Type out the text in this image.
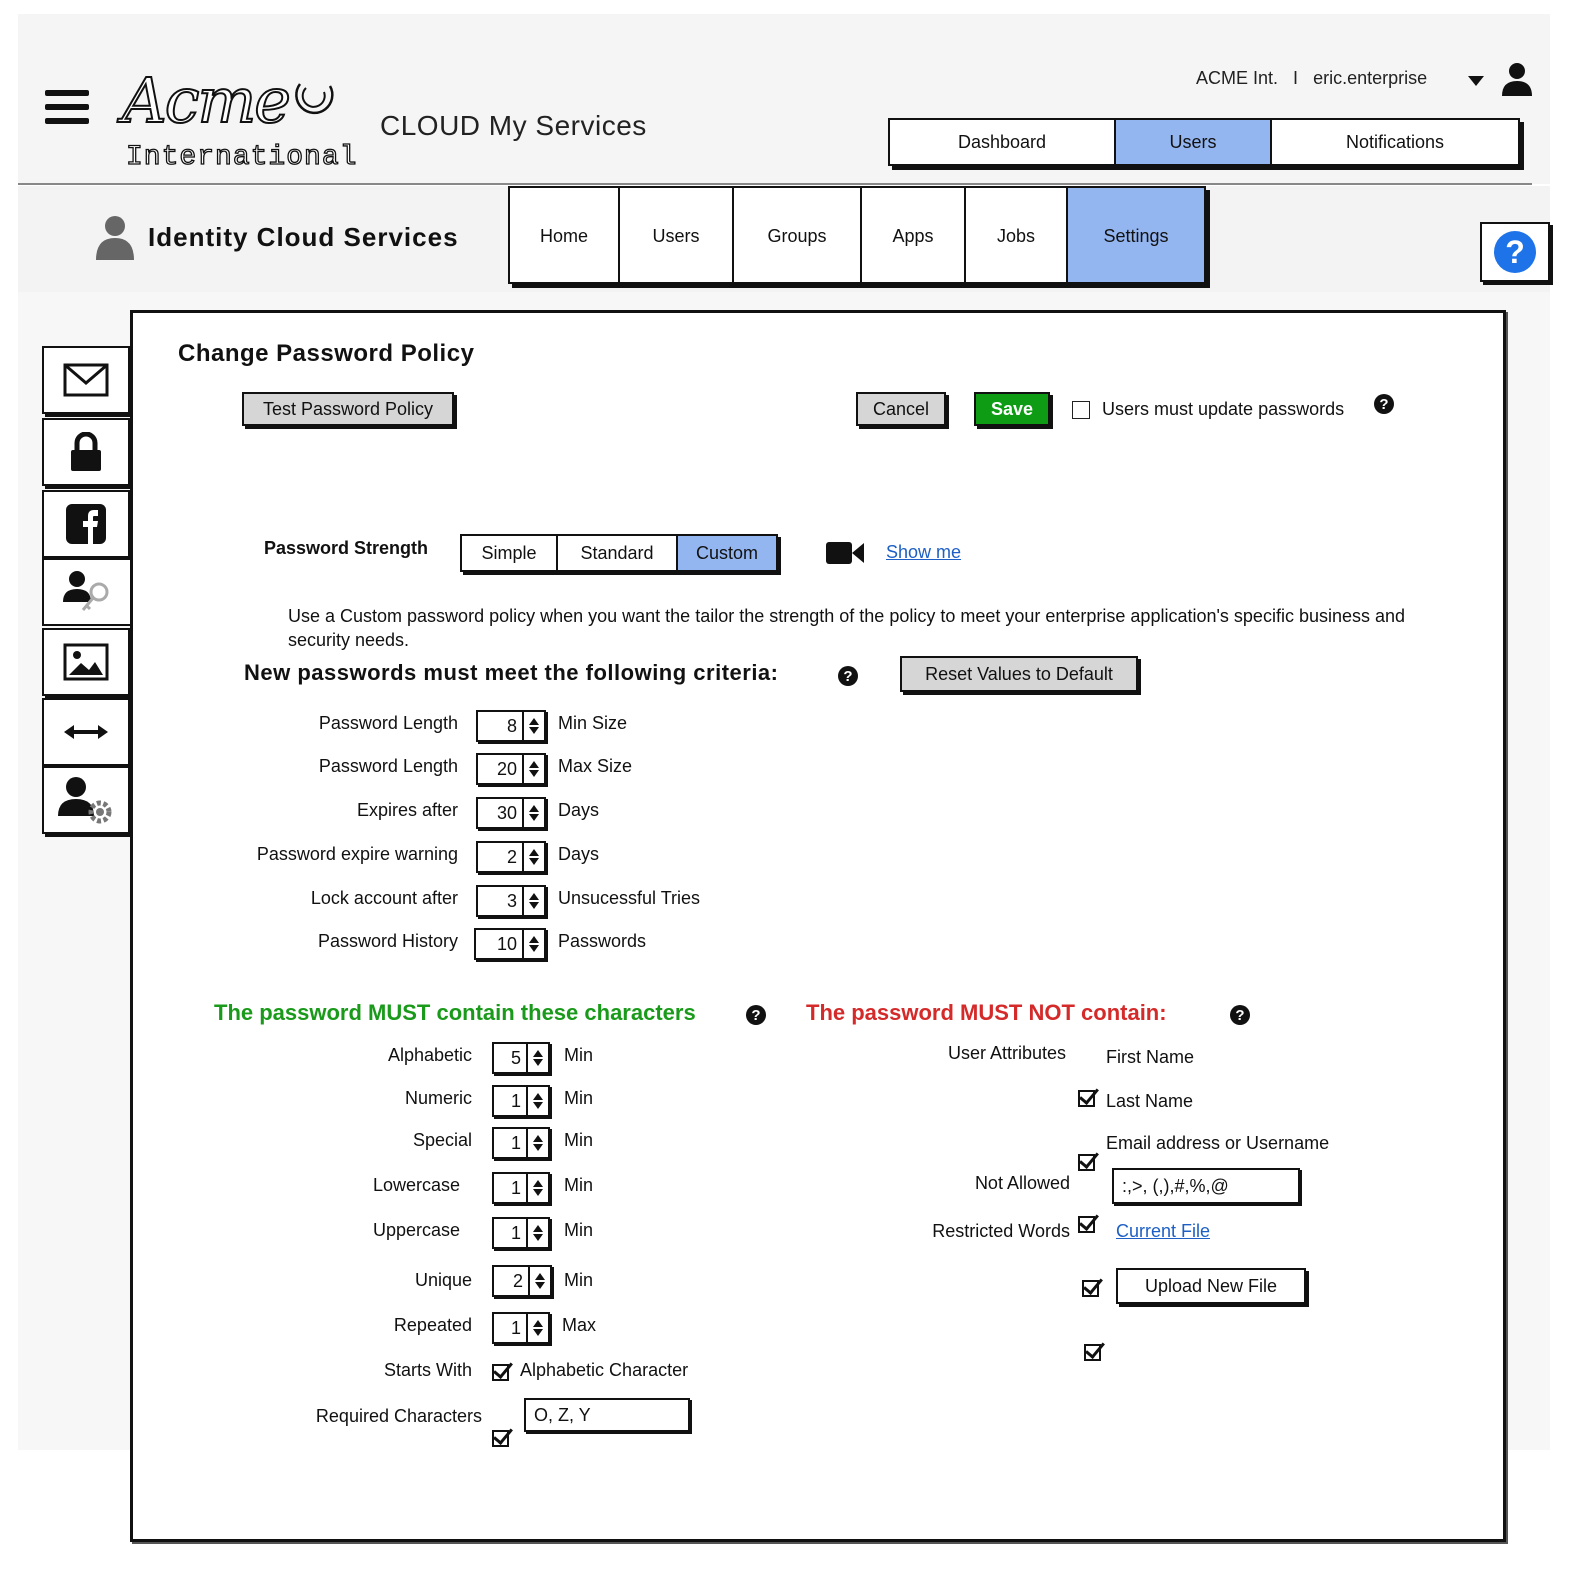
Acme
International
CLOUD My Services
ACME Int. I eric.enterprise
Dashboard	Users	Notifications
Identity Cloud Services	Home	Users	Groups	Apps	Jobs	Settings	?
Change Password Policy
Test Password Policy	Cancel	Save	Users must update passwords	?
Password Strength	Simple	Standard	Custom	Show me
Use a Custom password policy when you want the tailor the strength of the policy to meet your enterprise application's specific business and security needs.
New passwords must meet the following criteria:	?	Reset Values to Default
Password Length	8	Min Size
Password Length	20	Max Size
Expires after	30	Days
Password expire warning	2	Days
Lock account after	3	Unsucessful Tries
Password History	10	Passwords
The password MUST contain these characters	?
Alphabetic	5	Min
Numeric	1	Min
Special	1	Min
Lowercase	1	Min
Uppercase	1	Min
Unique	2	Min
Repeated	1	Max
Starts With	Alphabetic Character
Required Characters	O, Z, Y
The password MUST NOT contain:	?
User Attributes First Name
Last Name
Email address or Username
Not Allowed	:,>, (,),#,%,@
Restricted Words	Current File
Upload New File
